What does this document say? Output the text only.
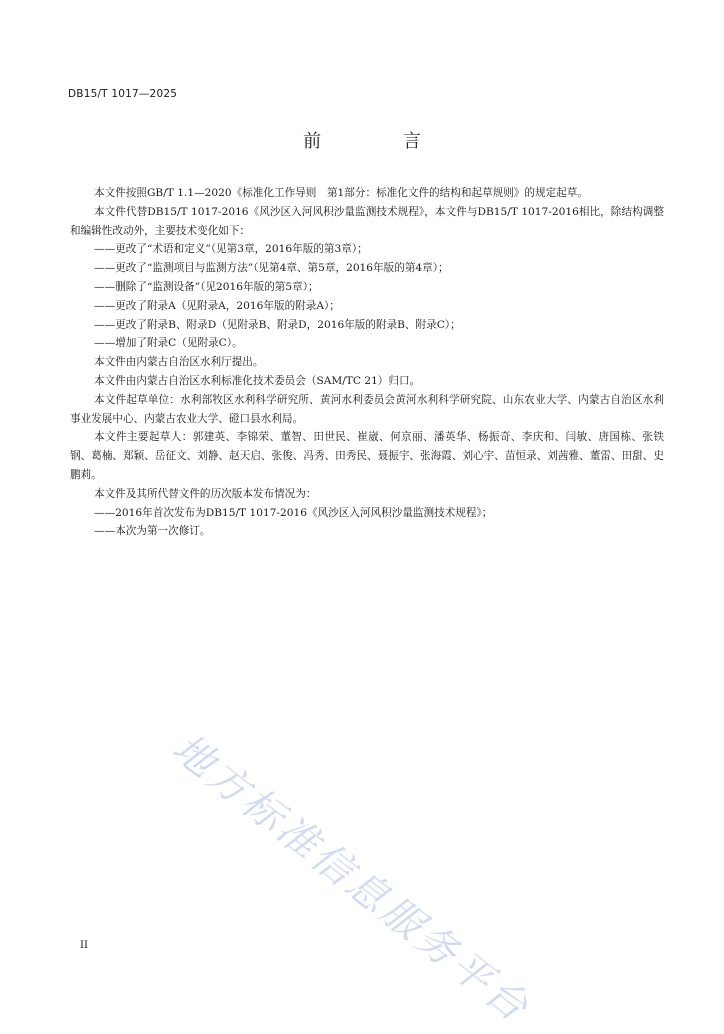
DB15/T 1017—2025
前 言

本文件按照GB/T 1.1—2020《标准化工作导则　第1部分：标准化文件的结构和起草规则》的规定起草。

本文件代替DB15/T 1017-2016《风沙区入河风积沙量监测技术规程》，本文件与DB15/T 1017-2016相比，除结构调整和编辑性改动外，主要技术变化如下：

——更改了“术语和定义”（见第3章，2016年版的第3章）；

——更改了“监测项目与监测方法”（见第4章、第5章，2016年版的第4章）；

——删除了“监测设备”（见2016年版的第5章）；

——更改了附录A（见附录A，2016年版的附录A）；

——更改了附录B、附录D（见附录B、附录D，2016年版的附录B、附录C）；

——增加了附录C（见附录C）。

本文件由内蒙古自治区水利厅提出。

本文件由内蒙古自治区水利标准化技术委员会（SAM/TC 21）归口。

本文件起草单位：水利部牧区水利科学研究所、黄河水利委员会黄河水利科学研究院、山东农业大学、内蒙古自治区水利事业发展中心、内蒙古农业大学、磴口县水利局。

本文件主要起草人：郭建英、李锦荣、董智、田世民、崔崴、何京丽、潘英华、杨振奇、李庆和、闫敏、唐国栋、张铁钢、葛楠、郑颖、岳征文、刘静、赵天启、张俊、冯秀、田秀民、聂振宇、张海霞、刘心宇、苗恒录、刘茜雅、董雷、田甜、史鹏莉。

本文件及其所代替文件的历次版本发布情况为：

——2016年首次发布为DB15/T 1017-2016《风沙区入河风积沙量监测技术规程》；

——本次为第一次修订。

地方标准信息服务平台
II
